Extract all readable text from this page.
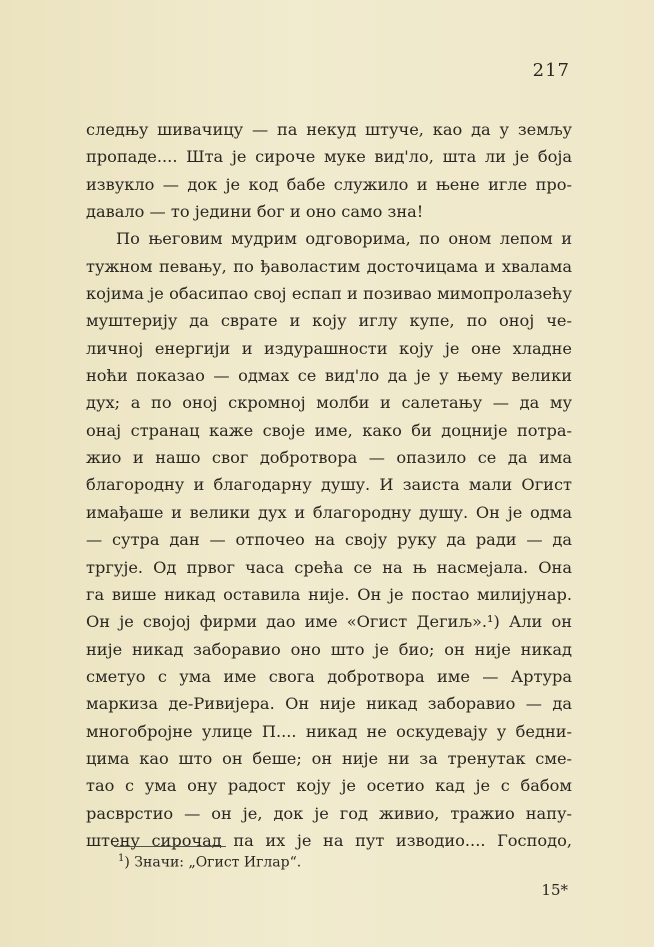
217
следњу шивачицу — па некуд штуче, као да у земљу
пропаде.... Шта је сироче муке вид'ло, шта ли је боја
извукло — док је код бабе служило и њене игле про-
давало — то једини бог и оно само зна!
По његовим мудрим одговорима, по оном лепом и
тужном певању, по ђаволастим досточицама и хвалама
којима је обасипао свој еспап и позивао мимопролазећу
муштерију да сврате и коју иглу купе, по оној че-
личној енергији и издурашности коју је оне хладне
ноћи показао — одмах се вид'ло да је у њему велики
дух; а по оној скромној молби и салетању — да му
онај странац каже своје име, како би доцније потра-
жио и нашо свог добротвора — опазило се да има
благородну и благодарну душу. И заиста мали Огист
имађаше и велики дух и благородну душу. Он је одма
— сутра дан — отпочео на своју руку да ради — да
тргује. Од првог часа срећа се на њ насмејала. Она
га више никад оставила није. Он је постао милијунар.
Он је својој фирми дао име «Огист Дегиљ».¹) Али он
није никад заборавио оно што је био; он није никад
сметуо с ума име свога добротвора име — Артура
маркиза де-Ривијера. Он није никад заборавио — да
многобројне улице П.... никад не оскудевају у бедни-
цима као што он беше; он није ни за тренутак сме-
тао с ума ону радост коју је осетио кад је с бабом
расврстио — он је, док је год живио, тражио напу-
штену сирочад па их је на пут изводио.... Господо,
$^1$) Значи: „Огист Иглар“.
15*
